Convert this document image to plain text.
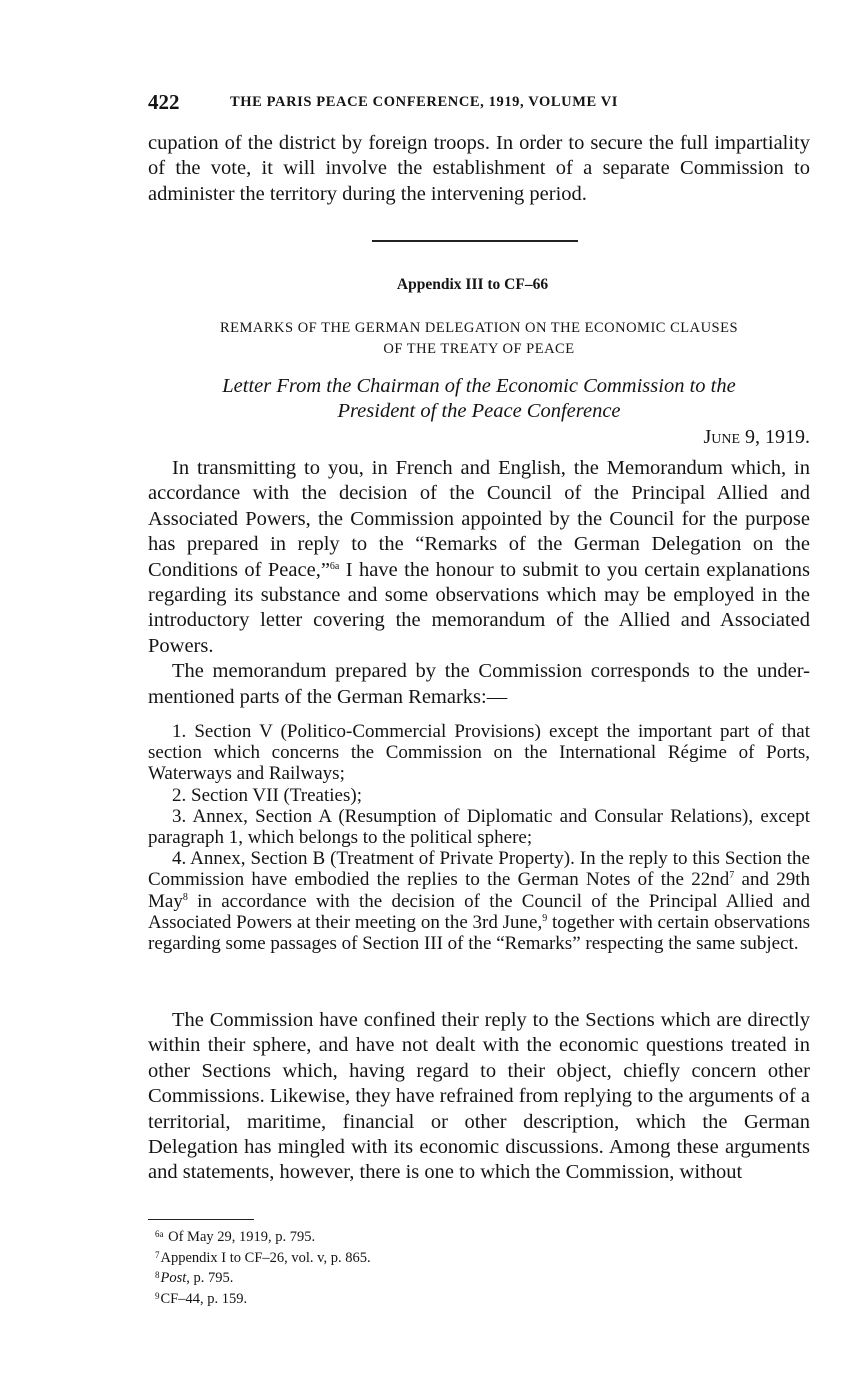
422	THE PARIS PEACE CONFERENCE, 1919, VOLUME VI

cupation of the district by foreign troops. In order to secure the full impartiality of the vote, it will involve the establishment of a separate Commission to administer the territory during the intervening period.

Appendix III to CF–66
REMARKS OF THE GERMAN DELEGATION ON THE ECONOMIC CLAUSES
OF THE TREATY OF PEACE
Letter From the Chairman of the Economic Commission to the
President of the Peace Conference
June 9, 1919.

In transmitting to you, in French and English, the Memorandum which, in accordance with the decision of the Council of the Principal Allied and Associated Powers, the Commission appointed by the Council for the purpose has prepared in reply to the “Remarks of the German Delegation on the Conditions of Peace,”$^{6a}$ I have the honour to submit to you certain explanations regarding its substance and some observations which may be employed in the introductory letter covering the memorandum of the Allied and Associated Powers.

The memorandum prepared by the Commission corresponds to the under-mentioned parts of the German Remarks:—

1. Section V (Politico-Commercial Provisions) except the important part of that section which concerns the Commission on the International Régime of Ports, Waterways and Railways;

2. Section VII (Treaties);

3. Annex, Section A (Resumption of Diplomatic and Consular Relations), except paragraph 1, which belongs to the political sphere;

4. Annex, Section B (Treatment of Private Property). In the reply to this Section the Commission have embodied the replies to the German Notes of the $22nd^7$ and 29th May$^8$ in accordance with the decision of the Council of the Principal Allied and Associated Powers at their meeting on the 3rd June,$^9$ together with certain observations regarding some passages of Section III of the “Remarks” respecting the same subject.

The Commission have confined their reply to the Sections which are directly within their sphere, and have not dealt with the economic questions treated in other Sections which, having regard to their object, chiefly concern other Commissions. Likewise, they have refrained from replying to the arguments of a territorial, maritime, financial or other description, which the German Delegation has mingled with its economic discussions. Among these arguments and statements, however, there is one to which the Commission, without

$^{6a}$ Of May 29, 1919, p. 795.

$^7$Appendix I to CF–26, vol. v, p. 865.

$^8$Post, p. 795.

$^9$CF–44, p. 159.
